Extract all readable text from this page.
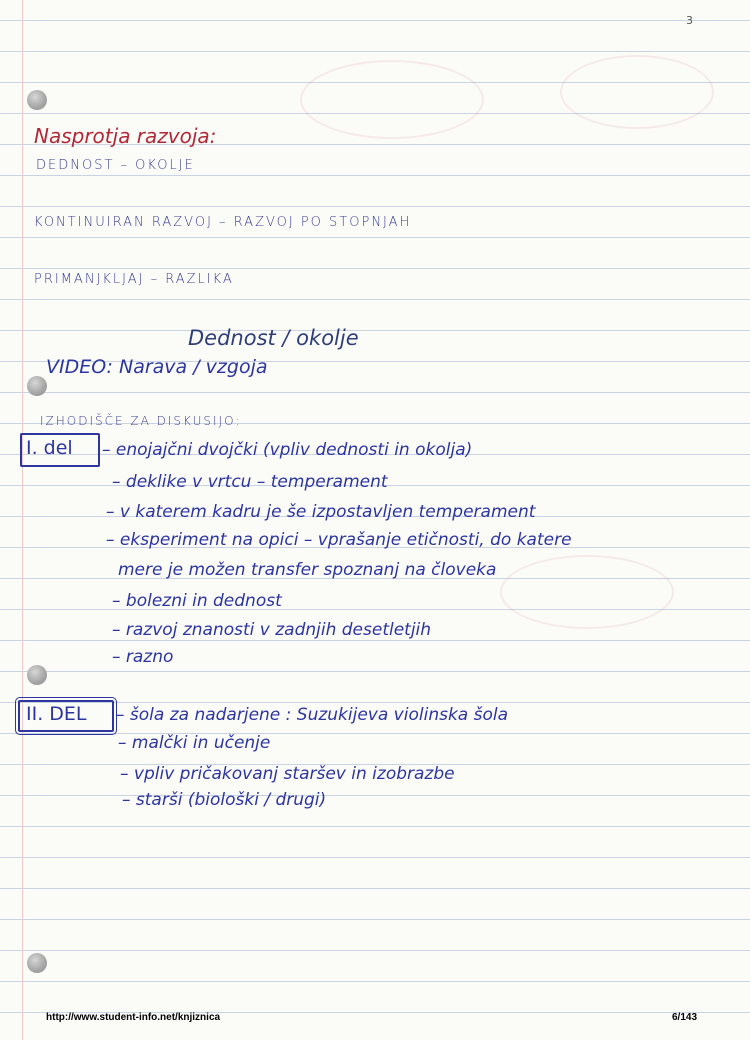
3
Nasprotja razvoja:
DEDNOST – OKOLJE
KONTINUIRAN RAZVOJ – RAZVOJ PO STOPNJAH
PRIMANJKLJAJ – RAZLIKA
Dednost / okolje
VIDEO: Narava / vzgoja
IZHODIŠČE ZA DISKUSIJO:
I. del – enojajčni dvojčki (vpliv dednosti in okolja)
– deklike v vrtcu – temperament
– v katerem kadru je še izpostavljen temperament
– eksperiment na opici – vprašanje etičnosti, do katere
mere je možen transfer spoznanj na človeka
– bolezni in dednost
– razvoj znanosti v zadnjih desetletjih
– razno
II. DEL – šola za nadarjene : Suzukijeva violinska šola
– malčki in učenje
– vpliv pričakovanj staršev in izobrazbe
– starši (biološki / drugi)
http://www.student-info.net/knjiznica	6/143
